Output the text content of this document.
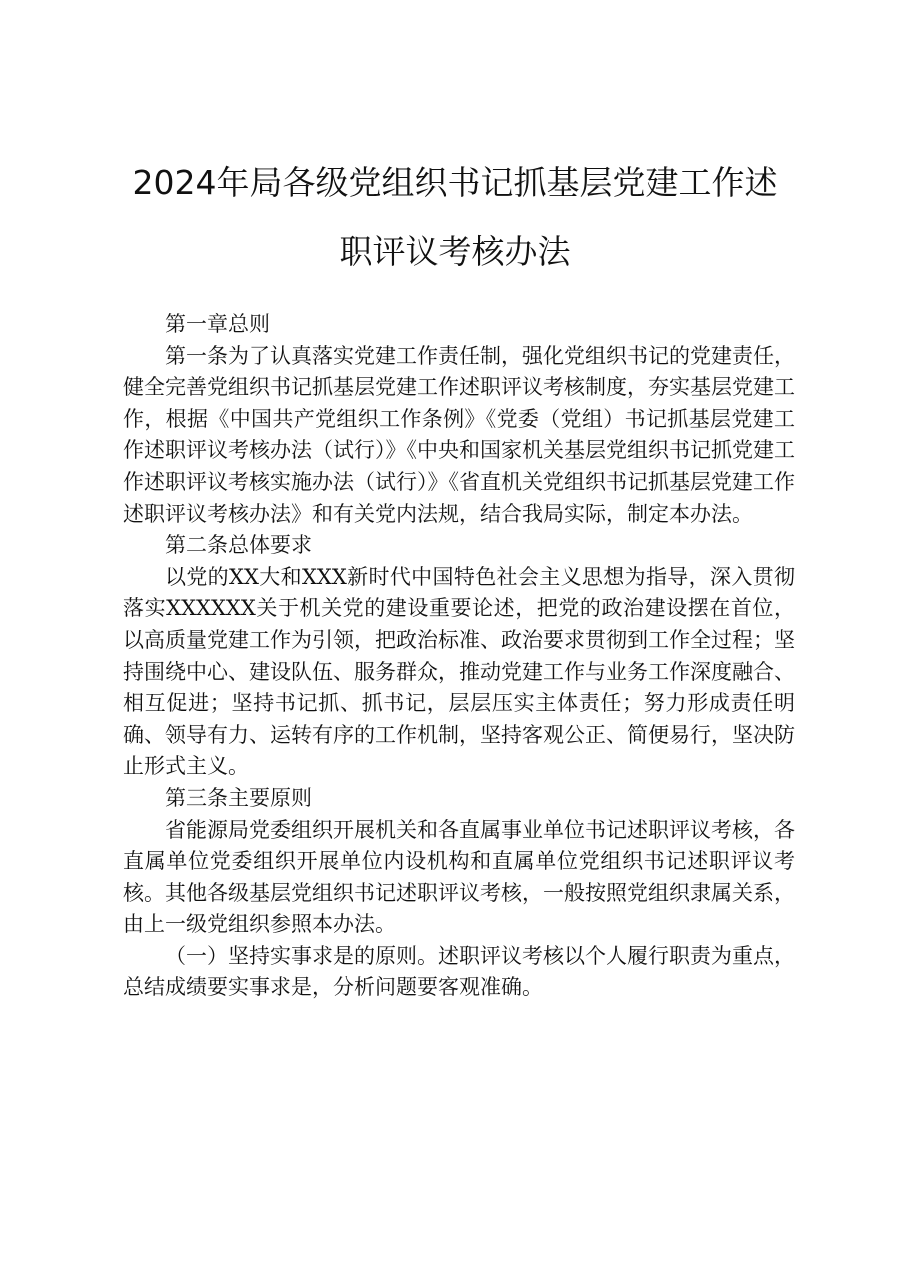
2024年局各级党组织书记抓基层党建工作述
职评议考核办法

第一章总则

第一条为了认真落实党建工作责任制，强化党组织书记的党建责任，健全完善党组织书记抓基层党建工作述职评议考核制度，夯实基层党建工作，根据《中国共产党组织工作条例》《党委（党组）书记抓基层党建工作述职评议考核办法（试行）》《中央和国家机关基层党组织书记抓党建工作述职评议考核实施办法（试行）》《省直机关党组织书记抓基层党建工作述职评议考核办法》和有关党内法规，结合我局实际，制定本办法。

第二条总体要求

以党的XX大和XXX新时代中国特色社会主义思想为指导，深入贯彻落实XXXXXX关于机关党的建设重要论述，把党的政治建设摆在首位，以高质量党建工作为引领，把政治标准、政治要求贯彻到工作全过程；坚持围绕中心、建设队伍、服务群众，推动党建工作与业务工作深度融合、相互促进；坚持书记抓、抓书记，层层压实主体责任；努力形成责任明确、领导有力、运转有序的工作机制，坚持客观公正、简便易行，坚决防止形式主义。

第三条主要原则

省能源局党委组织开展机关和各直属事业单位书记述职评议考核，各直属单位党委组织开展单位内设机构和直属单位党组织书记述职评议考核。其他各级基层党组织书记述职评议考核，一般按照党组织隶属关系，由上一级党组织参照本办法。

（一）坚持实事求是的原则。述职评议考核以个人履行职责为重点，总结成绩要实事求是，分析问题要客观准确。
